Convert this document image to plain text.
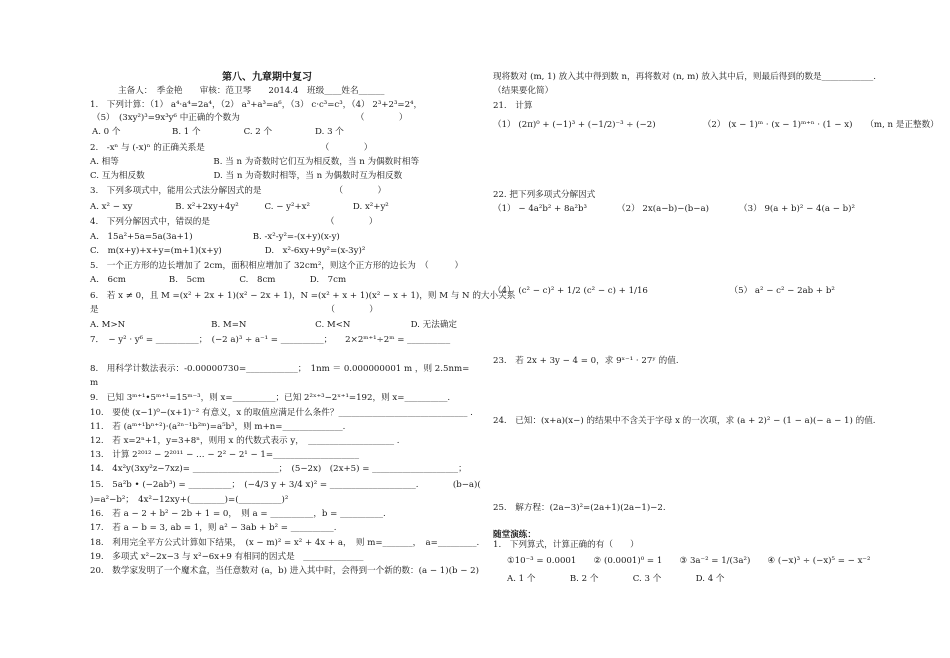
第八、九章期中复习
主备人：　季金艳　　审核：范卫琴　　2014.4　班级____姓名______
1.　下列计算：（1） a⁴·a⁴=2a⁴，（2） a³+a³=a⁶，（3） c·c³=c³，（4） 2³+2³=2⁴，
（5）　(3xy²)³=9x³y⁶ 中正确的个数为　　　　　　　　　　　　　　（　　　　）
A. 0 个　　　　　　B. 1 个　　　　　C. 2 个　　　　　D. 3 个
2.　-xⁿ 与 (-x)ⁿ 的正确关系是　　　　　　　　　　　　　　（　　　　）
A. 相等　　　　　　　　　　　B. 当 n 为奇数时它们互为相反数，当 n 为偶数时相等
C. 互为相反数　　　　　　　　D. 当 n 为奇数时相等，当 n 为偶数时互为相反数
3.　下列多项式中，能用公式法分解因式的是　　　　　　　　　（　　　　）
A. x² − xy　　　　　B. x²+2xy+4y²　　　C. − y²+x²　　　　　D. x²+y²
4.　下列分解因式中，错误的是　　　　　　　　　　　　　　（　　　　）
A.　15a²+5a=5a(3a+1)　　　　　　　B. -x²-y²=-(x+y)(x-y)
C.　m(x+y)+x+y=(m+1)(x+y)　　　　　D.　x²-6xy+9y²=(x-3y)²
5.　一个正方形的边长增加了 2cm，面积相应增加了 32cm²，则这个正方形的边长为　（　　　）
A.　6cm　　　　　B.　5cm　　　　C.　8cm　　　　D.　7cm
6.　若 x ≠ 0，且 M =(x² + 2x + 1)(x² − 2x + 1)，N =(x² + x + 1)(x² − x + 1)，则 M 与 N 的大小关系
是　　　　　　　　　　　　　　　　　　　　　　　　　　　（　　　　）
A. M>N　　　　　　　　　　B. M=N　　　　　　　　C. M<N　　　　　　　D. 无法确定
7．　− y² · y⁶ = __________；　(−2 a)³ ÷ a⁻¹ = __________；　　2×2ᵐ⁺¹÷2ᵐ = __________
8.　用科学计数法表示：-0.00000730=____________；　1nm ＝ 0.000000001 m ，则 2.5nm=
m
9.　已知 3ᵐ⁺¹•5ᵐ⁺¹=15ᵐ⁻³，则 x=__________；已知 2²ˣ⁺³−2ˣ⁺¹=192，则 x=__________.
10.　要使 (x−1)⁰−(x+1)⁻² 有意义，x 的取值应满足什么条件？______________________________ .
11.　若 (aᵐ⁺¹bⁿ⁺²)·(a²ⁿ⁻¹b²ᵐ)=a⁵b³，则 m+n=______________.
12.　若 x=2ⁿ+1，y=3+8ⁿ，则用 x 的代数式表示 y，　____________________ .
13.　计算 2²⁰¹² − 2²⁰¹¹ − … − 2² − 2¹ − 1=____________________
14.　4x²y(3xy²z−7xz)= ____________________；　(5−2x)　(2x+5) = ____________________；
15.　5a²b • (−2ab³) = __________；　(−4/3 y + 3/4 x)² = ____________________.　　　　(b−a)(
)=a²−b²；　4x²−12xy+(________)=(__________)²
16.　若 a − 2 + b² − 2b + 1 = 0，　则 a = __________，b = __________.
17.　若 a − b = 3, ab = 1，则 a² − 3ab + b² = __________.
18.　利用完全平方公式计算如下结果，　(x − m)² = x² + 4x + a，　则 m=_______，　a=_________.
19.　多项式 x²−2x−3 与 x²−6x+9 有相同的因式是　______________
20.　数学家发明了一个魔术盒，当任意数对 (a，b) 进入其中时，会得到一个新的数：(a − 1)(b − 2)
现将数对 (m, 1) 放入其中得到数 n，再将数对 (n, m) 放入其中后，则最后得到的数是____________.
（结果要化简）
21.　计算
（1） (2π)⁰ + (−1)³ + (−1/2)⁻³ ÷ (−2)　　　　　　（2） (x − 1)ᵐ · (x − 1)ᵐ⁺ⁿ · (1 − x)　　（m, n 是正整数）
22. 把下列多项式分解因式
（1） − 4a²b² + 8a²b³　　　　（2） 2x(a−b)−(b−a)　　　　（3） 9(a + b)² − 4(a − b)²
（4） (c² − c)² + 1/2 (c² − c) + 1/16　　　　　　　　　　（5） a² − c² − 2ab + b²
23.　若 2x + 3y − 4 = 0，求 9ˣ⁻¹ · 27ʸ 的值.
24.　已知：(x+a)(x−) 的结果中不含关于字母 x 的一次项，求 (a + 2)² − (1 − a)(− a − 1) 的值.
25.　解方程：(2a−3)²=(2a+1)(2a−1)−2.
随堂演练：
1.　下列算式，计算正确的有（　　）
①10⁻³ = 0.0001　　② (0.0001)⁰ = 1　　③ 3a⁻² = 1/(3a²)　　④ (−x)³ ÷ (−x)⁵ = − x⁻²
A. 1 个　　　　B. 2 个　　　　C. 3 个　　　　D. 4 个
